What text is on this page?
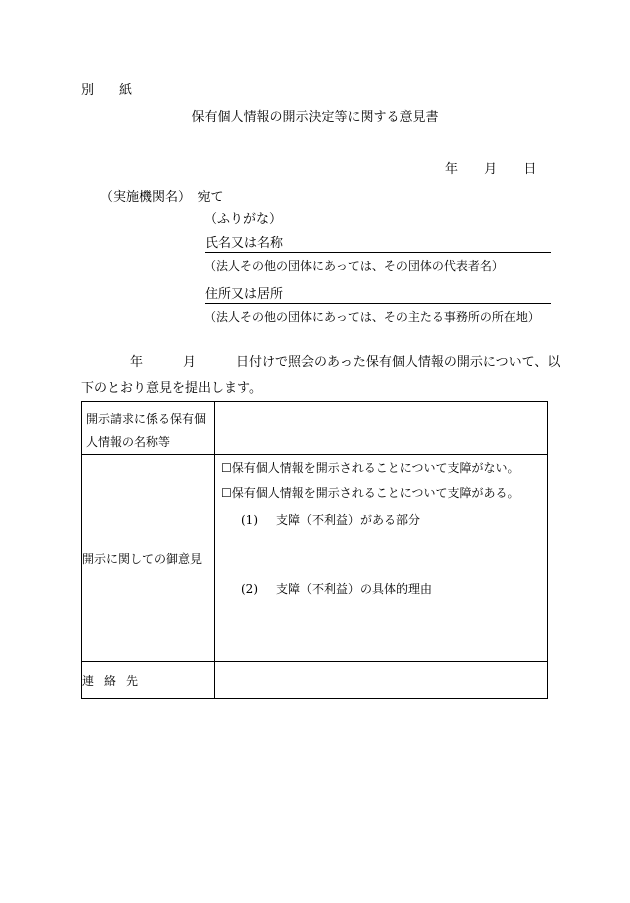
別　紙
保有個人情報の開示決定等に関する意見書
年 月 日
（実施機関名）　宛て
（ふりがな）
氏名又は名称
（法人その他の団体にあっては、その団体の代表者名）
住所又は居所
（法人その他の団体にあっては、その主たる事務所の所在地）
年	月	日付けで照会のあった保有個人情報の開示について、以
下のとおり意見を提出します。
開示請求に係る保有個人情報の名称等	

開示に関しての御意見	☐保有個人情報を開示されることについて支障がない。
☐保有個人情報を開示されることについて支障がある。
(1) 支障（不利益）がある部分
(2) 支障（不利益）の具体的理由

連絡先	
